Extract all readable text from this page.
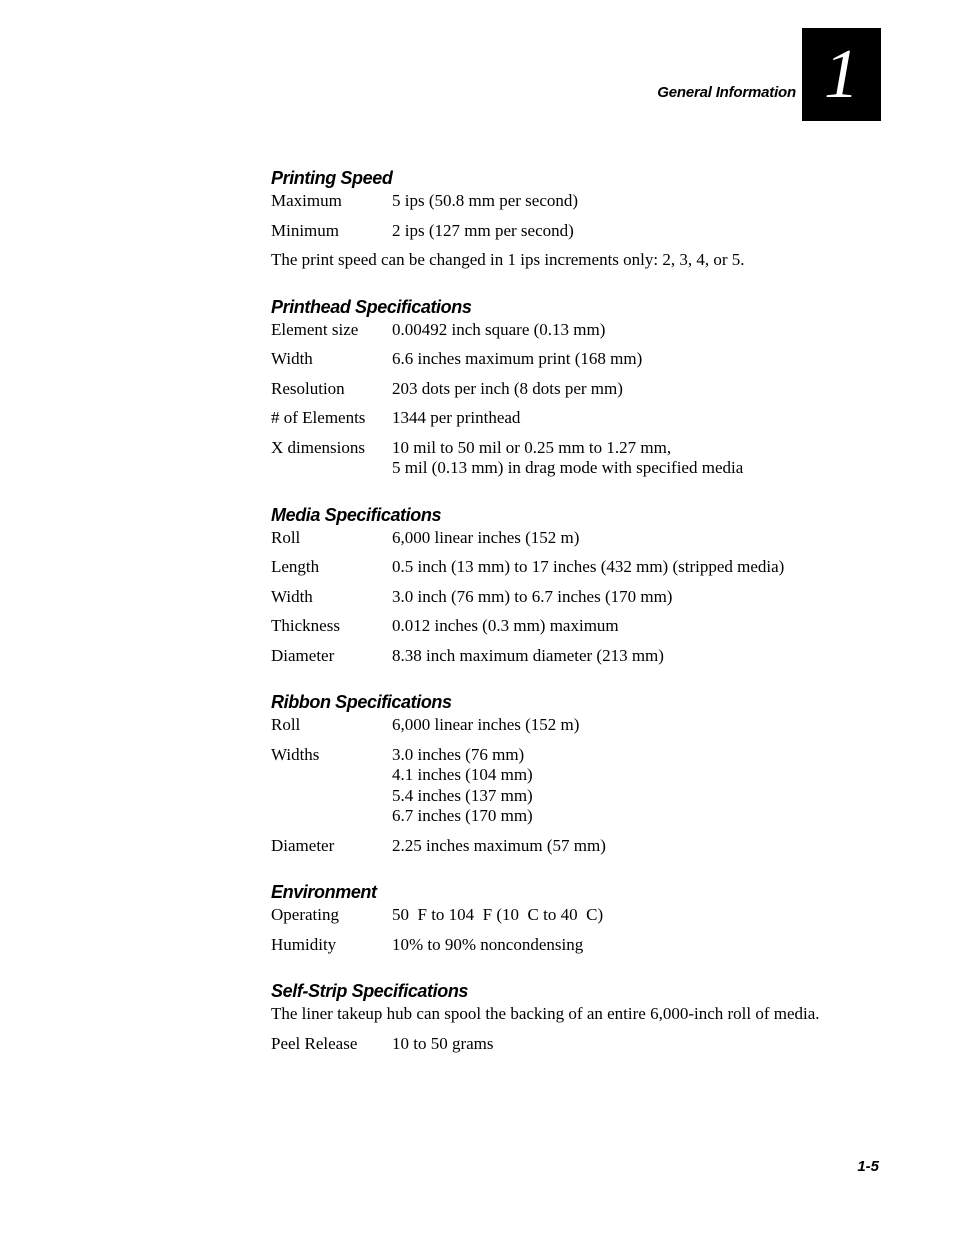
General Information 1
Printing Speed
Maximum	5 ips (50.8 mm per second)
Minimum	2 ips (127 mm per second)
The print speed can be changed in 1 ips increments only: 2, 3, 4, or 5.
Printhead Specifications
Element size	0.00492 inch square (0.13 mm)
Width	6.6 inches maximum print (168 mm)
Resolution	203 dots per inch (8 dots per mm)
# of Elements	1344 per printhead
X dimensions	10 mil to 50 mil or 0.25 mm to 1.27 mm,
5 mil (0.13 mm) in drag mode with specified media
Media Specifications
Roll	6,000 linear inches (152 m)
Length	0.5 inch (13 mm) to 17 inches (432 mm) (stripped media)
Width	3.0 inch (76 mm) to 6.7 inches (170 mm)
Thickness	0.012 inches (0.3 mm) maximum
Diameter	8.38 inch maximum diameter (213 mm)
Ribbon Specifications
Roll	6,000 linear inches (152 m)
Widths	3.0 inches (76 mm)
4.1 inches (104 mm)
5.4 inches (137 mm)
6.7 inches (170 mm)
Diameter	2.25 inches maximum (57 mm)
Environment
Operating	50  F to 104  F (10  C to 40  C)
Humidity	10% to 90% noncondensing
Self-Strip Specifications
The liner takeup hub can spool the backing of an entire 6,000-inch roll of media.
Peel Release	10 to 50 grams
1-5
